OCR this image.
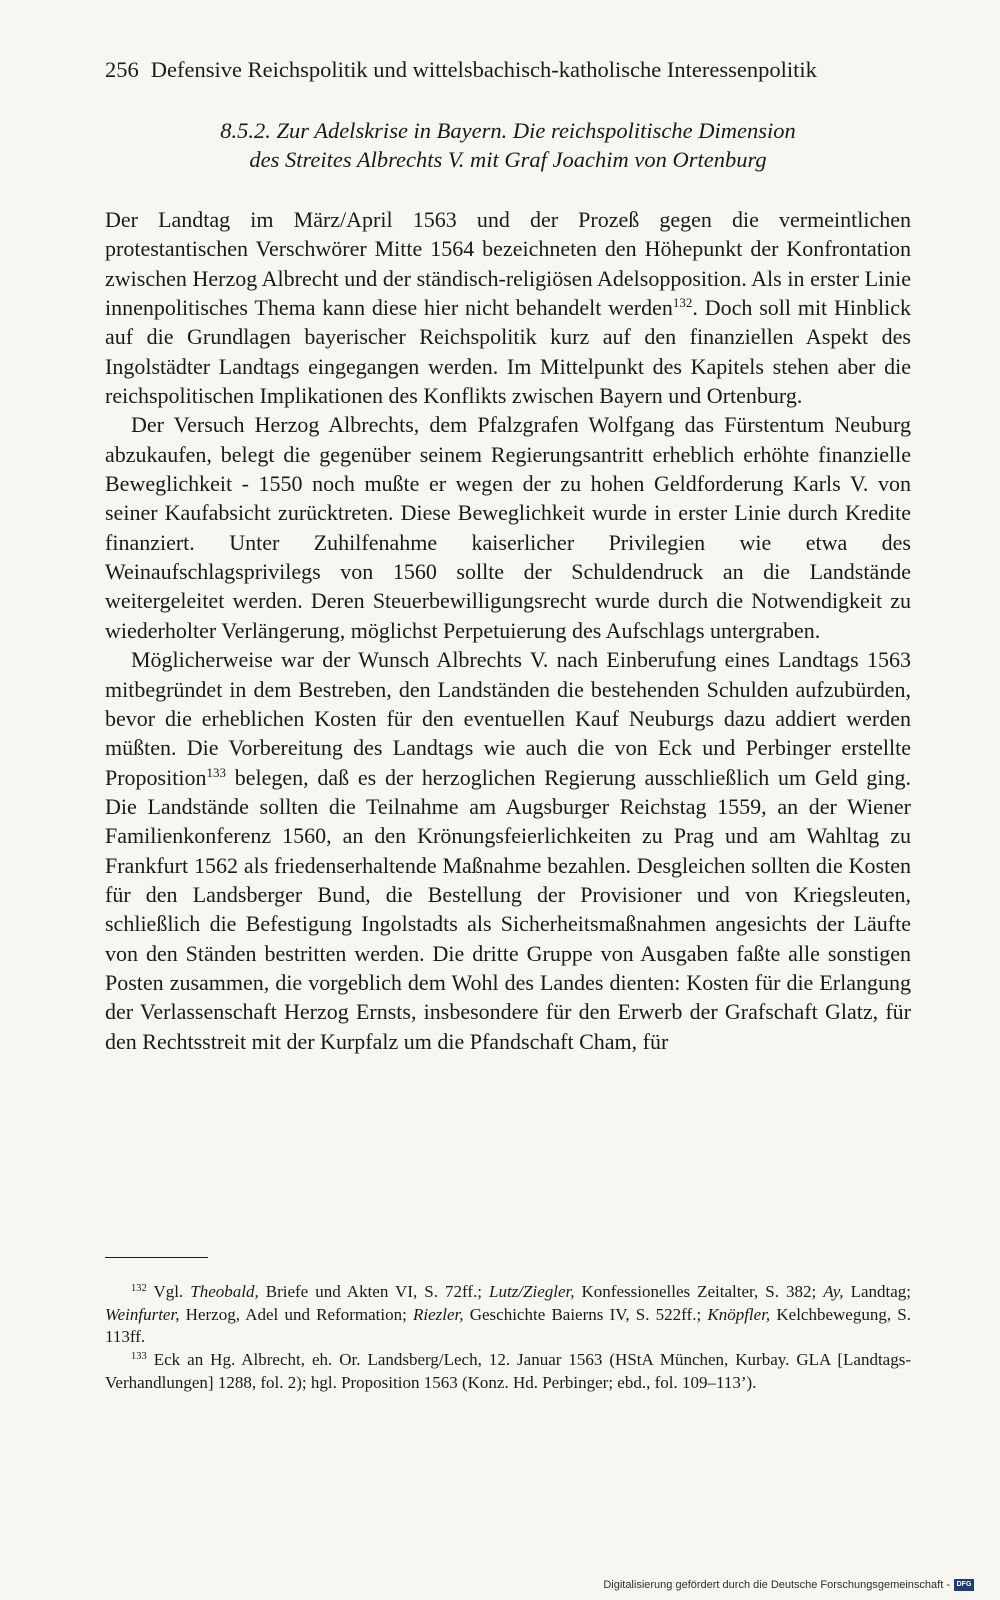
256 Defensive Reichspolitik und wittelsbachisch-katholische Interessenpolitik
8.5.2. Zur Adelskrise in Bayern. Die reichspolitische Dimension
des Streites Albrechts V. mit Graf Joachim von Ortenburg

Der Landtag im März/April 1563 und der Prozeß gegen die vermeintlichen protestantischen Verschwörer Mitte 1564 bezeichneten den Höhepunkt der Konfrontation zwischen Herzog Albrecht und der ständisch-religiösen Adelsopposition. Als in erster Linie innenpolitisches Thema kann diese hier nicht behandelt werden$^{132}$. Doch soll mit Hinblick auf die Grundlagen bayerischer Reichspolitik kurz auf den finanziellen Aspekt des Ingolstädter Landtags eingegangen werden. Im Mittelpunkt des Kapitels stehen aber die reichspolitischen Implikationen des Konflikts zwischen Bayern und Ortenburg.

Der Versuch Herzog Albrechts, dem Pfalzgrafen Wolfgang das Fürstentum Neuburg abzukaufen, belegt die gegenüber seinem Regierungsantritt erheblich erhöhte finanzielle Beweglichkeit - 1550 noch mußte er wegen der zu hohen Geldforderung Karls V. von seiner Kaufabsicht zurücktreten. Diese Beweglichkeit wurde in erster Linie durch Kredite finanziert. Unter Zuhilfenahme kaiserlicher Privilegien wie etwa des Weinaufschlagsprivilegs von 1560 sollte der Schuldendruck an die Landstände weitergeleitet werden. Deren Steuerbewilligungsrecht wurde durch die Notwendigkeit zu wiederholter Verlängerung, möglichst Perpetuierung des Aufschlags untergraben.

Möglicherweise war der Wunsch Albrechts V. nach Einberufung eines Landtags 1563 mitbegründet in dem Bestreben, den Landständen die bestehenden Schulden aufzubürden, bevor die erheblichen Kosten für den eventuellen Kauf Neuburgs dazu addiert werden müßten. Die Vorbereitung des Landtags wie auch die von Eck und Perbinger erstellte Proposition$^{133}$ belegen, daß es der herzoglichen Regierung ausschließlich um Geld ging. Die Landstände sollten die Teilnahme am Augsburger Reichstag 1559, an der Wiener Familienkonferenz 1560, an den Krönungsfeierlichkeiten zu Prag und am Wahltag zu Frankfurt 1562 als friedenserhaltende Maßnahme bezahlen. Desgleichen sollten die Kosten für den Landsberger Bund, die Bestellung der Provisioner und von Kriegsleuten, schließlich die Befestigung Ingolstadts als Sicherheitsmaßnahmen angesichts der Läufte von den Ständen bestritten werden. Die dritte Gruppe von Ausgaben faßte alle sonstigen Posten zusammen, die vorgeblich dem Wohl des Landes dienten: Kosten für die Erlangung der Verlassenschaft Herzog Ernsts, insbesondere für den Erwerb der Grafschaft Glatz, für den Rechtsstreit mit der Kurpfalz um die Pfandschaft Cham, für

$^{132}$ Vgl. Theobald, Briefe und Akten VI, S. 72ff.; Lutz/Ziegler, Konfessionelles Zeitalter, S. 382; Ay, Landtag; Weinfurter, Herzog, Adel und Reformation; Riezler, Geschichte Baierns IV, S. 522ff.; Knöpfler, Kelchbewegung, S. 113ff.

$^{133}$ Eck an Hg. Albrecht, eh. Or. Landsberg/Lech, 12. Januar 1563 (HStA München, Kurbay. GLA [Landtags-Verhandlungen] 1288, fol. 2); hgl. Proposition 1563 (Konz. Hd. Perbinger; ebd., fol. 109–113’).

Digitalisierung gefördert durch die Deutsche Forschungsgemeinschaft - DFG
